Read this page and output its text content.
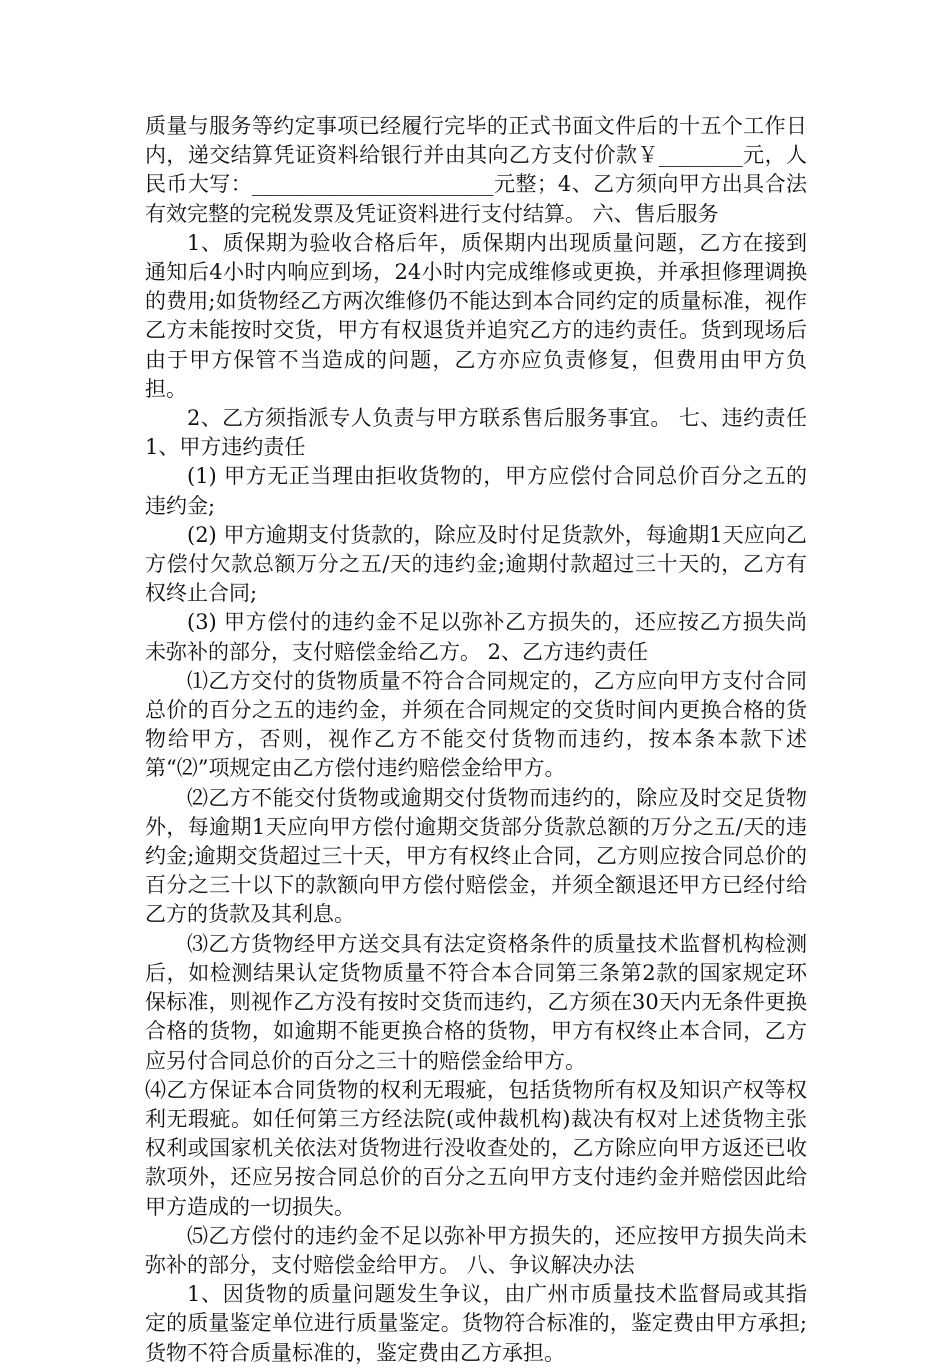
质量与服务等约定事项已经履行完毕的正式书面文件后的十五个工作日内，递交结算凭证资料给银行并由其向乙方支付价款￥________元，人民币大写：_______________________元整；4、乙方须向甲方出具合法有效完整的完税发票及凭证资料进行支付结算。 六、售后服务

1、质保期为验收合格后年，质保期内出现质量问题，乙方在接到通知后4小时内响应到场，24小时内完成维修或更换，并承担修理调换的费用;如货物经乙方两次维修仍不能达到本合同约定的质量标准，视作乙方未能按时交货，甲方有权退货并追究乙方的违约责任。货到现场后由于甲方保管不当造成的问题，乙方亦应负责修复，但费用由甲方负担。

2、乙方须指派专人负责与甲方联系售后服务事宜。 七、违约责任 1、甲方违约责任

(1) 甲方无正当理由拒收货物的，甲方应偿付合同总价百分之五的违约金;

(2) 甲方逾期支付货款的，除应及时付足货款外，每逾期1天应向乙方偿付欠款总额万分之五/天的违约金;逾期付款超过三十天的，乙方有权终止合同;

(3) 甲方偿付的违约金不足以弥补乙方损失的，还应按乙方损失尚未弥补的部分，支付赔偿金给乙方。 2、乙方违约责任

⑴乙方交付的货物质量不符合合同规定的，乙方应向甲方支付合同总价的百分之五的违约金，并须在合同规定的交货时间内更换合格的货物给甲方，否则，视作乙方不能交付货物而违约，按本条本款下述第“⑵”项规定由乙方偿付违约赔偿金给甲方。

⑵乙方不能交付货物或逾期交付货物而违约的，除应及时交足货物外，每逾期1天应向甲方偿付逾期交货部分货款总额的万分之五/天的违约金;逾期交货超过三十天，甲方有权终止合同，乙方则应按合同总价的百分之三十以下的款额向甲方偿付赔偿金，并须全额退还甲方已经付给乙方的货款及其利息。

⑶乙方货物经甲方送交具有法定资格条件的质量技术监督机构检测后，如检测结果认定货物质量不符合本合同第三条第2款的国家规定环保标准，则视作乙方没有按时交货而违约，乙方须在30天内无条件更换合格的货物，如逾期不能更换合格的货物，甲方有权终止本合同，乙方应另付合同总价的百分之三十的赔偿金给甲方。

⑷乙方保证本合同货物的权利无瑕疵，包括货物所有权及知识产权等权利无瑕疵。如任何第三方经法院(或仲裁机构)裁决有权对上述货物主张权利或国家机关依法对货物进行没收查处的，乙方除应向甲方返还已收款项外，还应另按合同总价的百分之五向甲方支付违约金并赔偿因此给甲方造成的一切损失。

⑸乙方偿付的违约金不足以弥补甲方损失的，还应按甲方损失尚未弥补的部分，支付赔偿金给甲方。 八、争议解决办法

1、因货物的质量问题发生争议，由广州市质量技术监督局或其指定的质量鉴定单位进行质量鉴定。货物符合标准的，鉴定费由甲方承担;货物不符合质量标准的，鉴定费由乙方承担。
